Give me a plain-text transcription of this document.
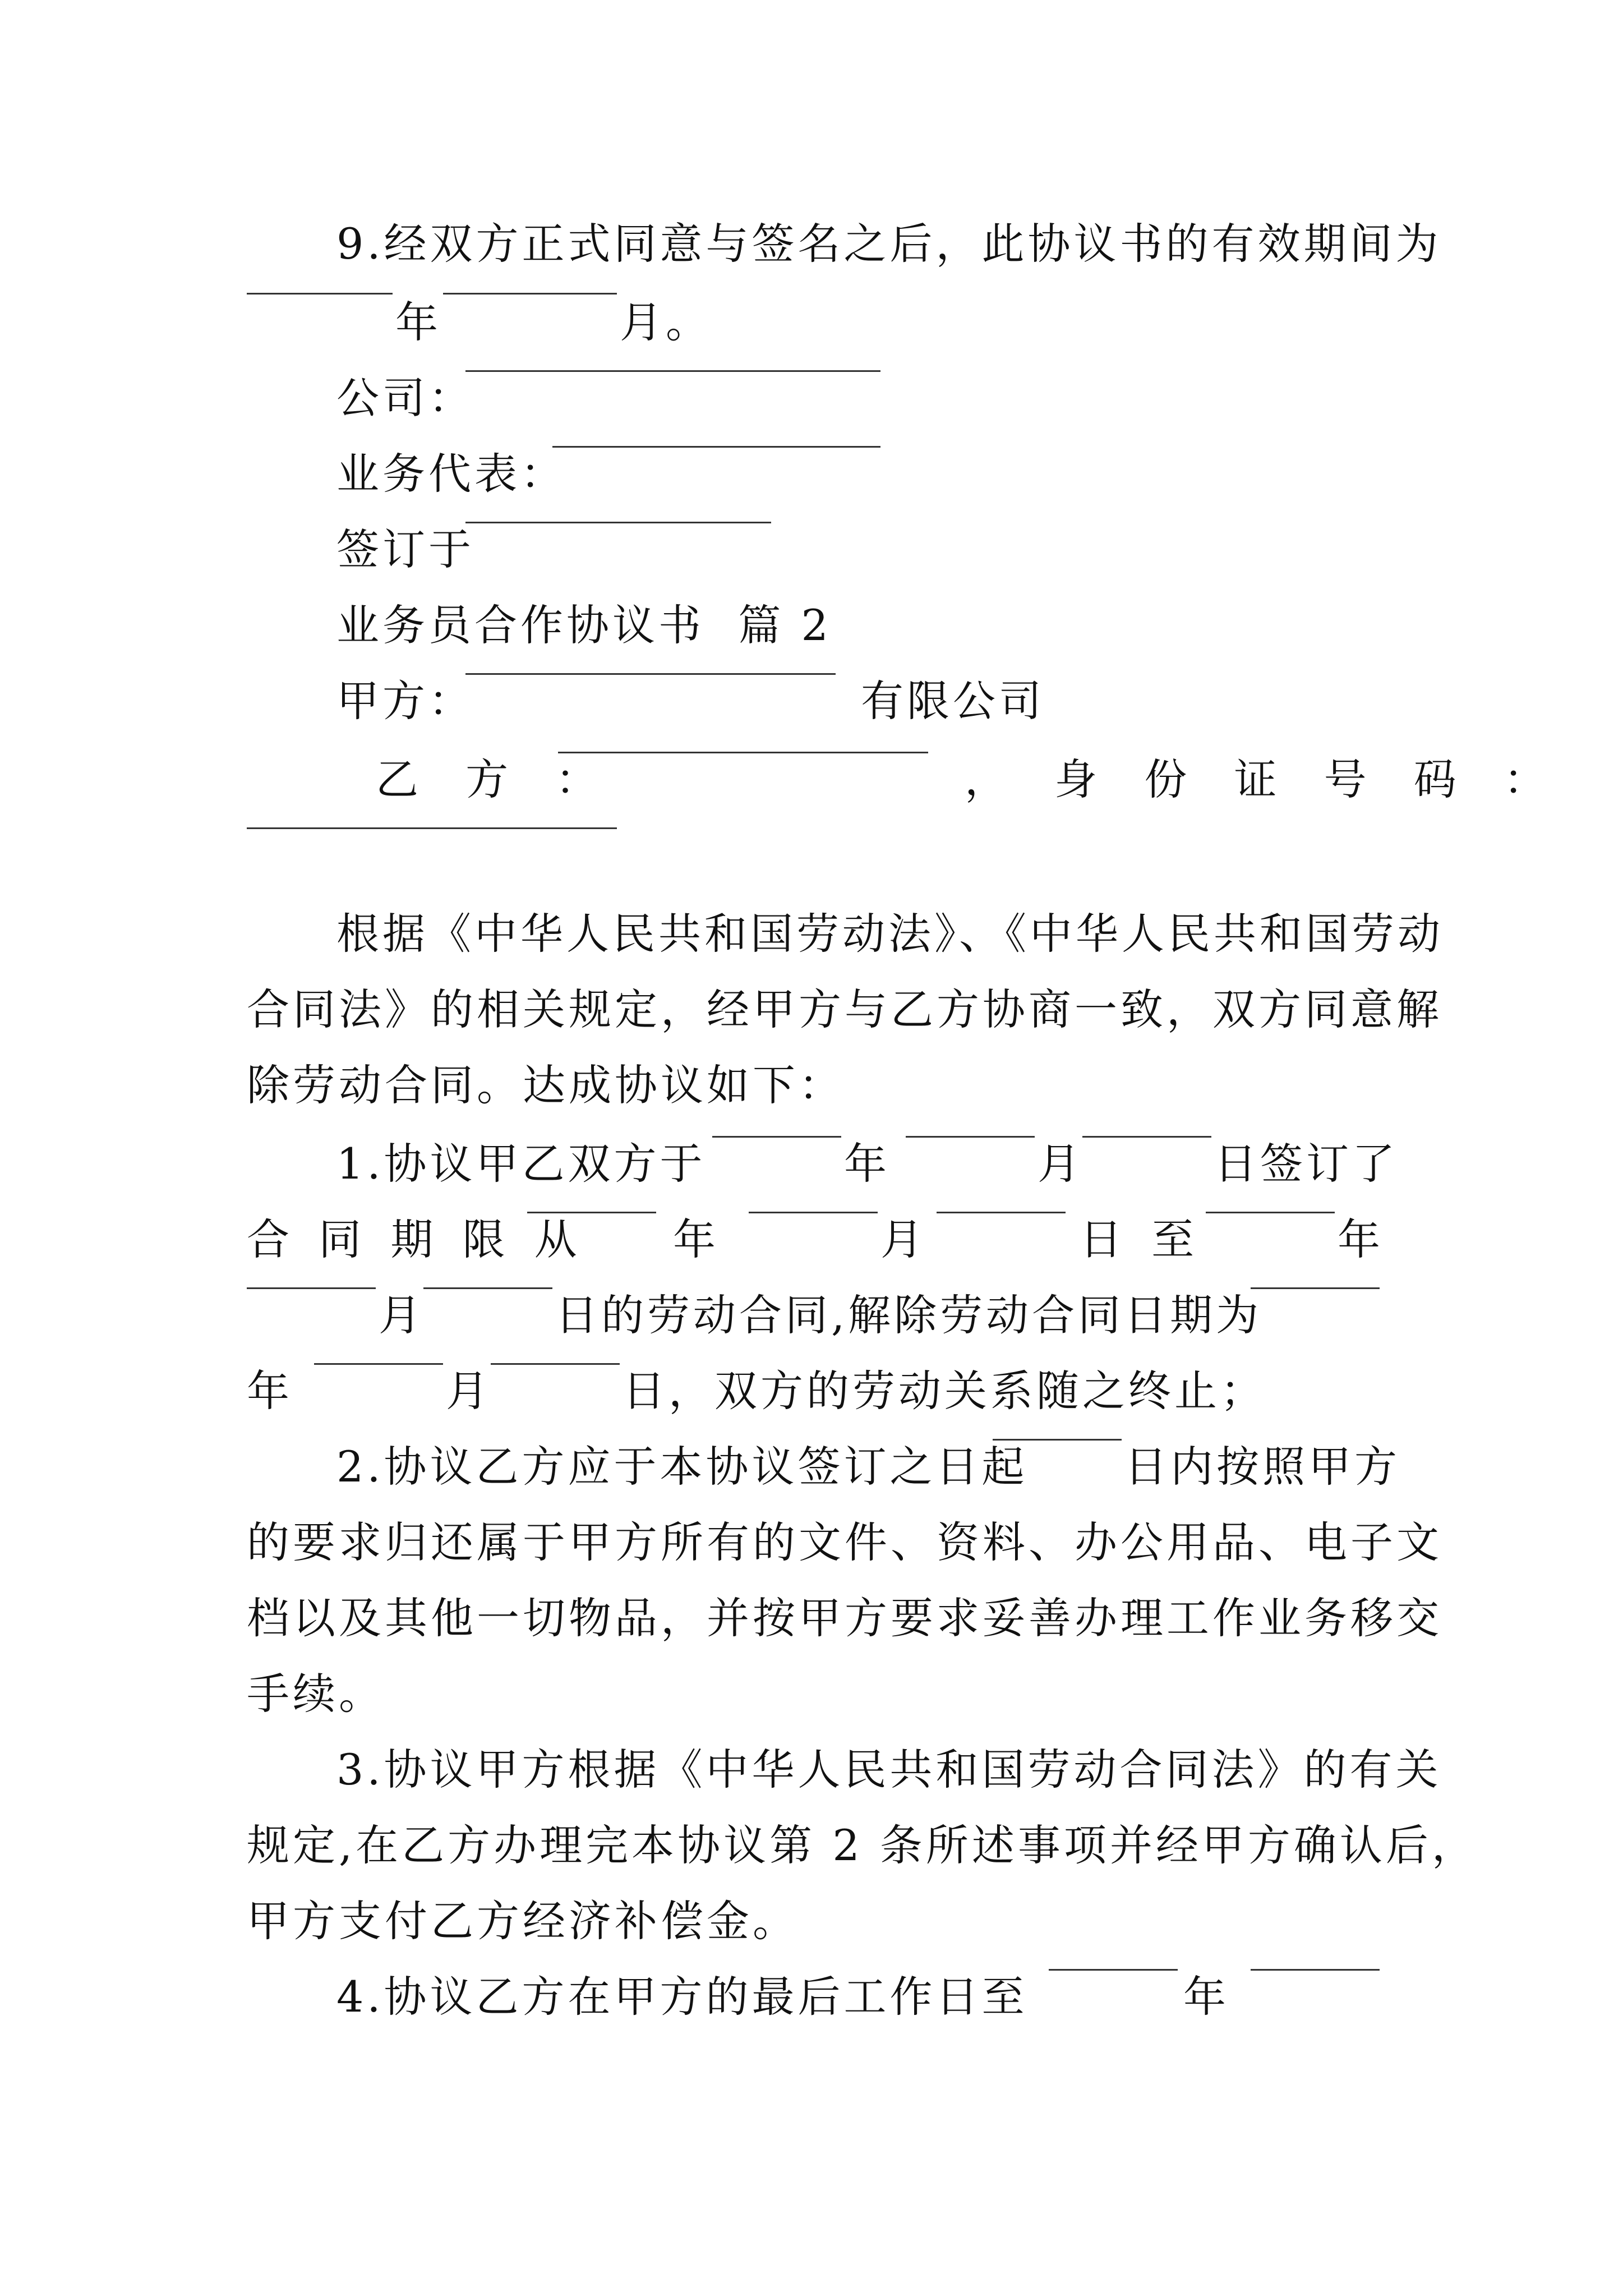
9.经双方正式同意与签名之后，此协议书的有效期间为
年	月。
公司：
业务代表：
签订于
业务员合作协议书  篇 2
甲方：	有限公司
乙 方 ：	， 身 份 证 号 码 ：
根据《中华人民共和国劳动法》、《中华人民共和国劳动
合同法》的相关规定，经甲方与乙方协商一致，双方同意解
除劳动合同。达成协议如下：
1.协议甲乙双方于	年	月	日签订了
合 同 期 限 从 年	月	日 至	年
月	日的劳动合同,解除劳动合同日期为
年	月	日，双方的劳动关系随之终止；
2.协议乙方应于本协议签订之日起 日内按照甲方
的要求归还属于甲方所有的文件、资料、办公用品、电子文
档以及其他一切物品，并按甲方要求妥善办理工作业务移交
手续。
3.协议甲方根据《中华人民共和国劳动合同法》的有关
规定,在乙方办理完本协议第 2 条所述事项并经甲方确认后，
甲方支付乙方经济补偿金。
4.协议乙方在甲方的最后工作日至	年
